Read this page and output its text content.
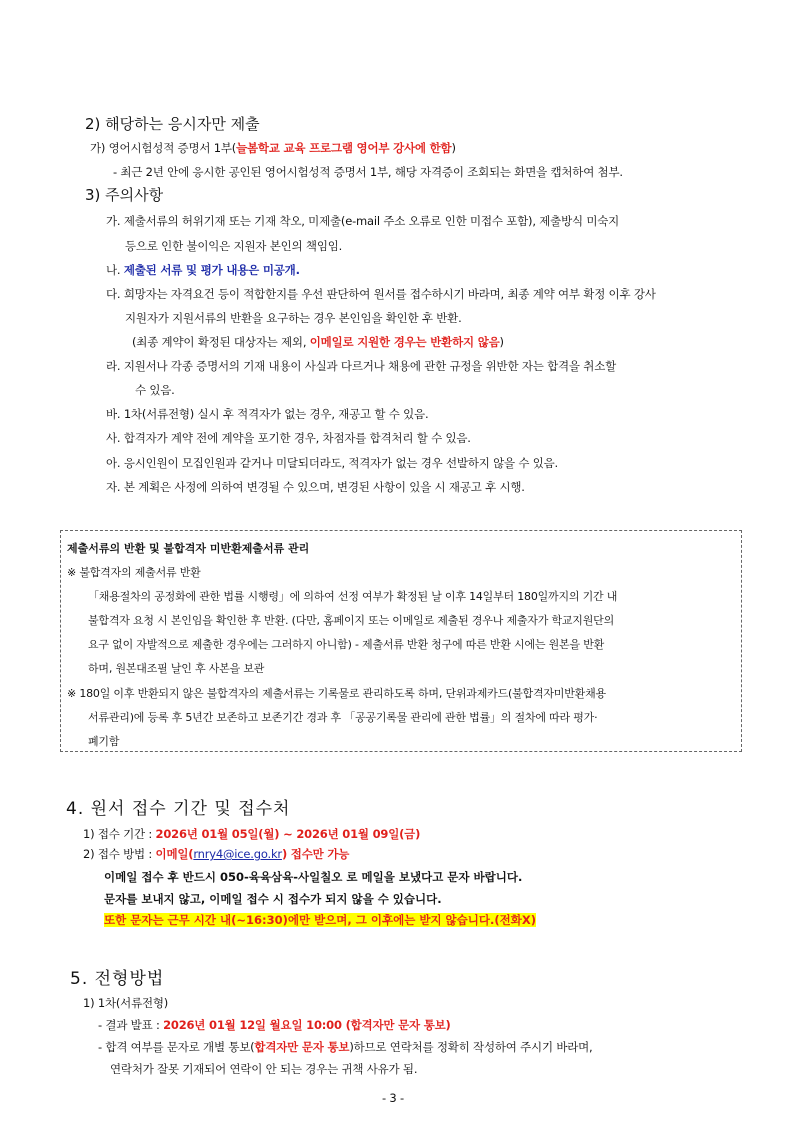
2) 해당하는 응시자만 제출
가) 영어시험성적 증명서 1부(늘봄학교 교육 프로그램 영어부 강사에 한함)
- 최근 2년 안에 응시한 공인된 영어시험성적 증명서 1부, 해당 자격증이 조회되는 화면을 캡처하여 첨부.
3) 주의사항
가. 제출서류의 허위기재 또는 기재 착오, 미제출(e-mail 주소 오류로 인한 미접수 포함), 제출방식 미숙지
등으로 인한 불이익은 지원자 본인의 책임임.
나. 제출된 서류 및 평가 내용은 미공개.
다. 희망자는 자격요건 등이 적합한지를 우선 판단하여 원서를 접수하시기 바라며, 최종 계약 여부 확정 이후 강사
지원자가 지원서류의 반환을 요구하는 경우 본인임을 확인한 후 반환.
(최종 계약이 확정된 대상자는 제외, 이메일로 지원한 경우는 반환하지 않음)
라. 지원서나 각종 증명서의 기재 내용이 사실과 다르거나 채용에 관한 규정을 위반한 자는 합격을 취소할
수 있음.
바. 1차(서류전형) 실시 후 적격자가 없는 경우, 재공고 할 수 있음.
사. 합격자가 계약 전에 계약을 포기한 경우, 차점자를 합격처리 할 수 있음.
아. 응시인원이 모집인원과 같거나 미달되더라도, 적격자가 없는 경우 선발하지 않을 수 있음.
자. 본 계획은 사정에 의하여 변경될 수 있으며, 변경된 사항이 있을 시 재공고 후 시행.
제출서류의 반환 및 불합격자 미반환제출서류 관리
※ 불합격자의 제출서류 반환
「채용절차의 공정화에 관한 법률 시행령」에 의하여 선정 여부가 확정된 날 이후 14일부터 180일까지의 기간 내
불합격자 요청 시 본인임을 확인한 후 반환. (다만, 홈페이지 또는 이메일로 제출된 경우나 제출자가 학교지원단의
요구 없이 자발적으로 제출한 경우에는 그러하지 아니함) - 제출서류 반환 청구에 따른 반환 시에는 원본을 반환
하며, 원본대조필 날인 후 사본을 보관
※ 180일 이후 반환되지 않은 불합격자의 제출서류는 기록물로 관리하도록 하며, 단위과제카드(불합격자미반환채용
서류관리)에 등록 후 5년간 보존하고 보존기간 경과 후 「공공기록물 관리에 관한 법률」의 절차에 따라 평가·
폐기함
4. 원서 접수 기간 및 접수처
1) 접수 기간 : 2026년 01월 05일(월) ~ 2026년 01월 09일(금)
2) 접수 방법 : 이메일(rnry4@ice.go.kr) 접수만 가능
이메일 접수 후 반드시 050-육육삼육-사일칠오 로 메일을 보냈다고 문자 바랍니다.
문자를 보내지 않고, 이메일 접수 시 접수가 되지 않을 수 있습니다.
또한 문자는 근무 시간 내(~16:30)에만 받으며, 그 이후에는 받지 않습니다.(전화X)
5. 전형방법
1) 1차(서류전형)
- 결과 발표 : 2026년 01월 12일 월요일 10:00 (합격자만 문자 통보)
- 합격 여부를 문자로 개별 통보(합격자만 문자 통보)하므로 연락처를 정확히 작성하여 주시기 바라며,
연락처가 잘못 기재되어 연락이 안 되는 경우는 귀책 사유가 됨.
- 3 -
